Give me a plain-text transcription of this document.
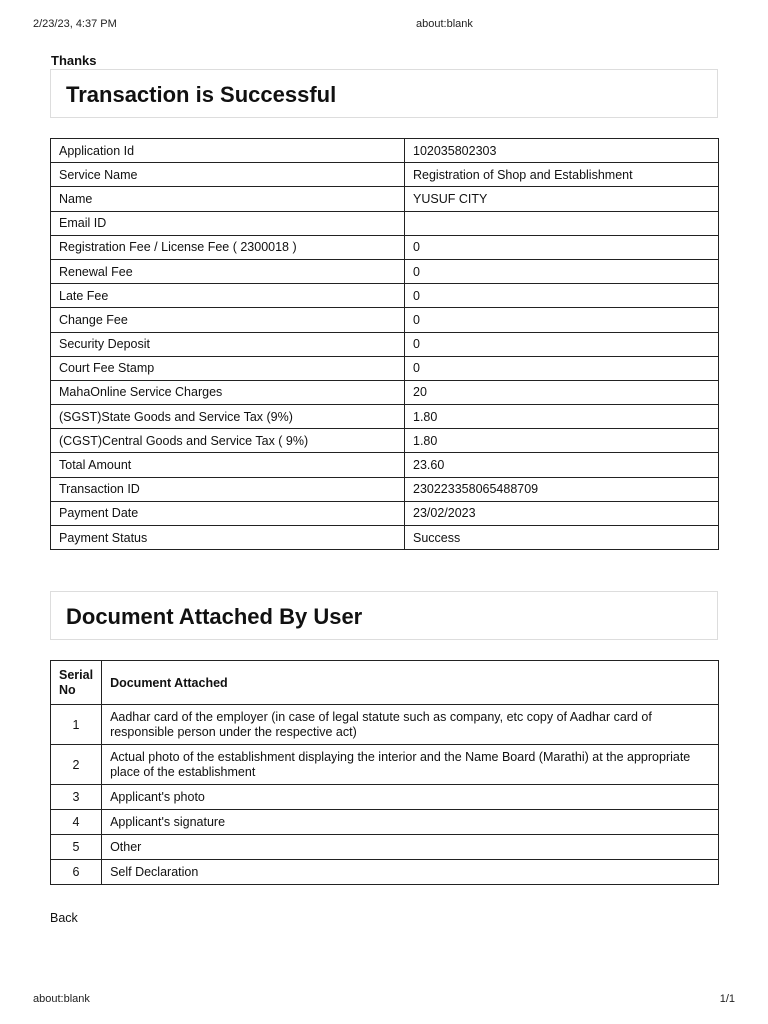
2/23/23, 4:37 PM	about:blank
Thanks
Transaction is Successful
Application Id	102035802303
Service Name	Registration of Shop and Establishment
Name	YUSUF CITY
Email ID	
Registration Fee / License Fee ( 2300018 )	0
Renewal Fee	0
Late Fee	0
Change Fee	0
Security Deposit	0
Court Fee Stamp	0
MahaOnline Service Charges	20
(SGST)State Goods and Service Tax (9%)	1.80
(CGST)Central Goods and Service Tax ( 9%)	1.80
Total Amount	23.60
Transaction ID	230223358065488709
Payment Date	23/02/2023
Payment Status	Success
Document Attached By User
Serial No	Document Attached
1	Aadhar card of the employer (in case of legal statute such as company, etc copy of Aadhar card of responsible person under the respective act)
2	Actual photo of the establishment displaying the interior and the Name Board (Marathi) at the appropriate place of the establishment
3	Applicant's photo
4	Applicant's signature
5	Other
6	Self Declaration
Back
about:blank	1/1
